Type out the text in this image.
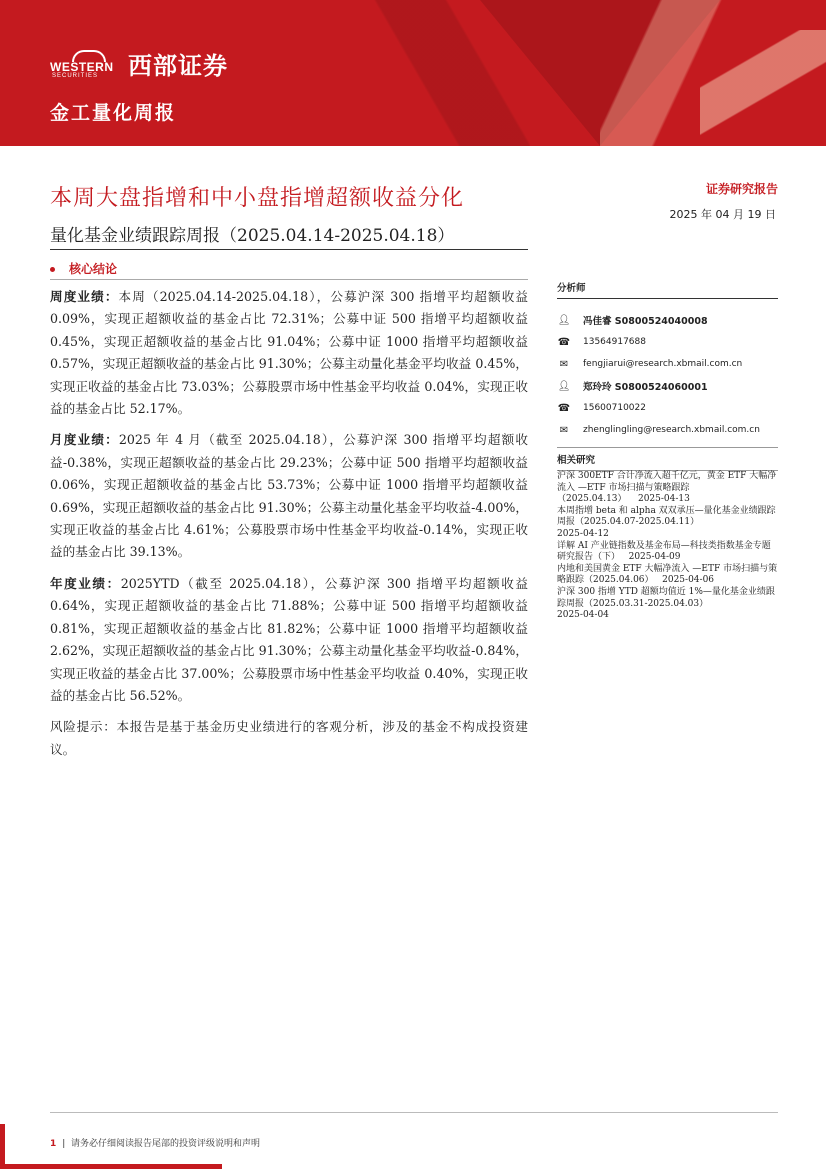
WESTERN
SECURITIES 西部证券
金工量化周报
本周大盘指增和中小盘指增超额收益分化
量化基金业绩跟踪周报（2025.04.14-2025.04.18）
证券研究报告
2025 年 04 月 19 日
核心结论

周度业绩：本周（2025.04.14-2025.04.18），公募沪深 300 指增平均超额收益 0.09%，实现正超额收益的基金占比 72.31%；公募中证 500 指增平均超额收益 0.45%，实现正超额收益的基金占比 91.04%；公募中证 1000 指增平均超额收益 0.57%，实现正超额收益的基金占比 91.30%；公募主动量化基金平均收益 0.45%，实现正收益的基金占比 73.03%；公募股票市场中性基金平均收益 0.04%，实现正收益的基金占比 52.17%。

月度业绩：2025 年 4 月（截至 2025.04.18），公募沪深 300 指增平均超额收益-0.38%，实现正超额收益的基金占比 29.23%；公募中证 500 指增平均超额收益 0.06%，实现正超额收益的基金占比 53.73%；公募中证 1000 指增平均超额收益 0.69%，实现正超额收益的基金占比 91.30%；公募主动量化基金平均收益-4.00%，实现正收益的基金占比 4.61%；公募股票市场中性基金平均收益-0.14%，实现正收益的基金占比 39.13%。

年度业绩：2025YTD（截至 2025.04.18），公募沪深 300 指增平均超额收益 0.64%，实现正超额收益的基金占比 71.88%；公募中证 500 指增平均超额收益 0.81%，实现正超额收益的基金占比 81.82%；公募中证 1000 指增平均超额收益 2.62%，实现正超额收益的基金占比 91.30%；公募主动量化基金平均收益-0.84%，实现正收益的基金占比 37.00%；公募股票市场中性基金平均收益 0.40%，实现正收益的基金占比 56.52%。

风险提示：本报告是基于基金历史业绩进行的客观分析，涉及的基金不构成投资建议。

分析师
👤︎ 冯佳睿 S0800524040008
☎ 13564917688
✉	fengjiarui@research.xbmail.com.cn
👤︎ 郑玲玲 S0800524060001
☎ 15600710022
✉	zhenglingling@research.xbmail.com.cn
相关研究
沪深 300ETF 合计净流入超千亿元，黄金 ETF 大幅净流入 —ETF 市场扫描与策略跟踪（2025.04.13） 2025-04-13
本周指增 beta 和 alpha 双双承压—量化基金业绩跟踪周报（2025.04.07-2025.04.11）
2025-04-12
详解 AI 产业链指数及基金布局—科技类指数基金专题研究报告（下） 2025-04-09
内地和美国黄金 ETF 大幅净流入 —ETF 市场扫描与策略跟踪（2025.04.06） 2025-04-06
沪深 300 指增 YTD 超额均值近 1%—量化基金业绩跟踪周报（2025.03.31-2025.04.03）
2025-04-04
1 | 请务必仔细阅读报告尾部的投资评级说明和声明
